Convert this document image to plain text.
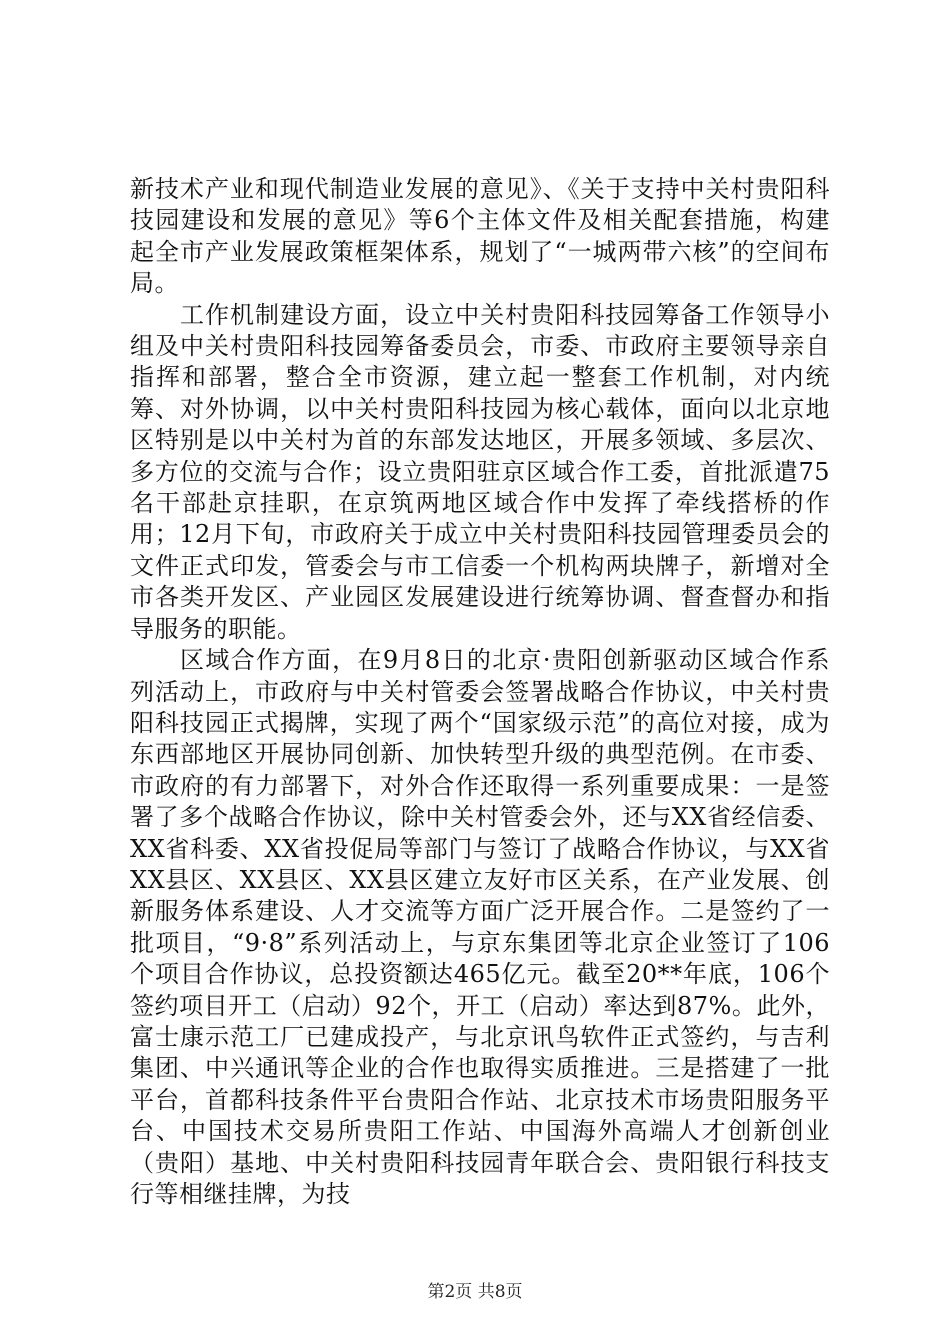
新技术产业和现代制造业发展的意见》、《关于支持中关村贵阳科技园建设和发展的意见》等6个主体文件及相关配套措施，构建起全市产业发展政策框架体系，规划了“一城两带六核”的空间布局。

工作机制建设方面，设立中关村贵阳科技园筹备工作领导小组及中关村贵阳科技园筹备委员会，市委、市政府主要领导亲自指挥和部署，整合全市资源，建立起一整套工作机制，对内统筹、对外协调，以中关村贵阳科技园为核心载体，面向以北京地区特别是以中关村为首的东部发达地区，开展多领域、多层次、多方位的交流与合作；设立贵阳驻京区域合作工委，首批派遣75名干部赴京挂职，在京筑两地区域合作中发挥了牵线搭桥的作用；12月下旬，市政府关于成立中关村贵阳科技园管理委员会的文件正式印发，管委会与市工信委一个机构两块牌子，新增对全市各类开发区、产业园区发展建设进行统筹协调、督查督办和指导服务的职能。

区域合作方面，在9月8日的北京·贵阳创新驱动区域合作系列活动上，市政府与中关村管委会签署战略合作协议，中关村贵阳科技园正式揭牌，实现了两个“国家级示范”的高位对接，成为东西部地区开展协同创新、加快转型升级的典型范例。在市委、市政府的有力部署下，对外合作还取得一系列重要成果：一是签署了多个战略合作协议，除中关村管委会外，还与XX省经信委、XX省科委、XX省投促局等部门与签订了战略合作协议，与XX省XX县区、XX县区、XX县区建立友好市区关系，在产业发展、创新服务体系建设、人才交流等方面广泛开展合作。二是签约了一批项目，“9·8”系列活动上，与京东集团等北京企业签订了106个项目合作协议，总投资额达465亿元。截至20**年底，106个签约项目开工（启动）92个，开工（启动）率达到87%。此外，富士康示范工厂已建成投产，与北京讯鸟软件正式签约，与吉利集团、中兴通讯等企业的合作也取得实质推进。三是搭建了一批平台，首都科技条件平台贵阳合作站、北京技术市场贵阳服务平台、中国技术交易所贵阳工作站、中国海外高端人才创新创业（贵阳）基地、中关村贵阳科技园青年联合会、贵阳银行科技支行等相继挂牌，为技

第2页 共8页
